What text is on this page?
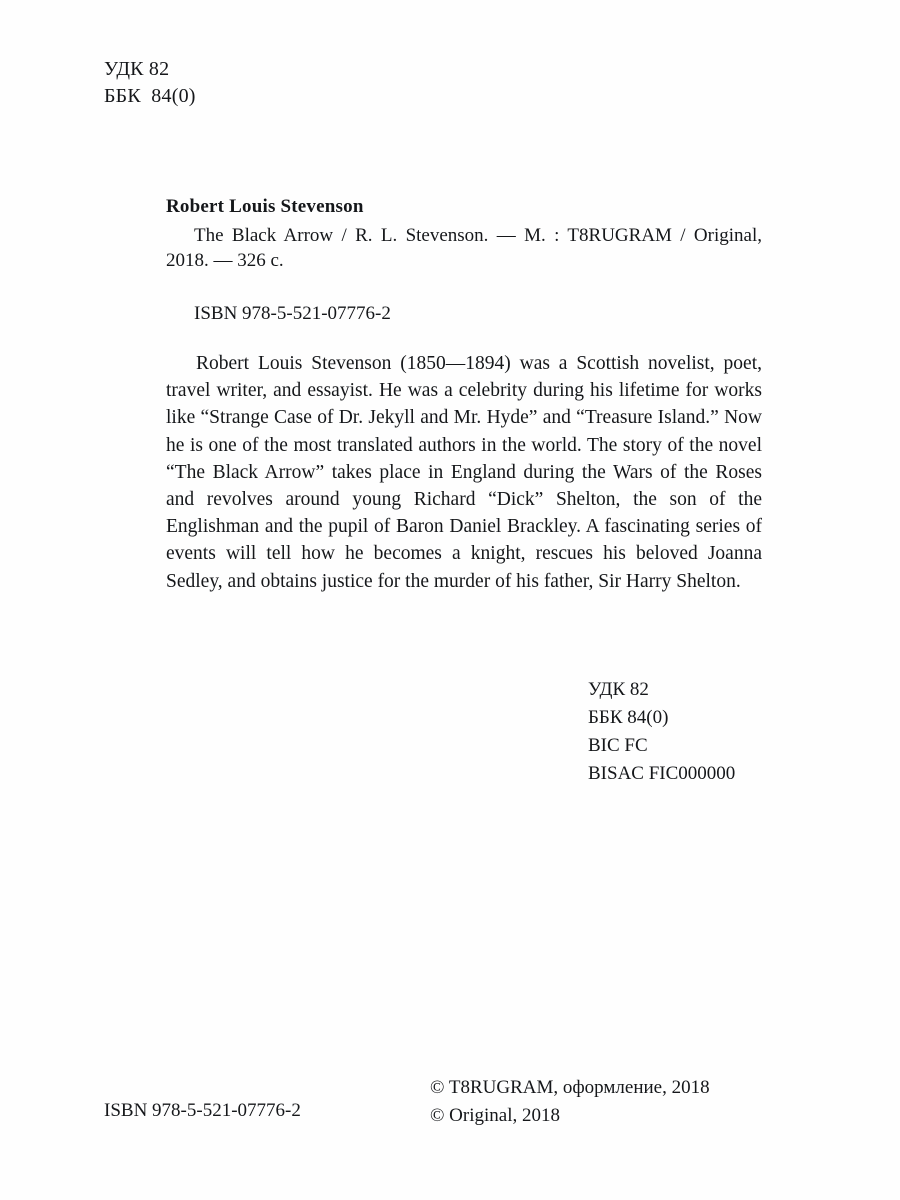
УДК 82
ББК  84(0)

Robert Louis Stevenson

The Black Arrow / R. L. Stevenson. — M. : T8RUGRAM / Original, 2018. — 326 c.

ISBN 978-5-521-07776-2
Robert Louis Stevenson (1850—1894) was a Scottish novelist, poet, travel writer, and essayist. He was a celebrity during his lifetime for works like “Strange Case of Dr. Jekyll and Mr. Hyde” and “Treasure Island.” Now he is one of the most translated authors in the world. The story of the novel “The Black Arrow” takes place in England during the Wars of the Roses and revolves around young Richard “Dick” Shelton, the son of the Englishman and the pupil of Baron Daniel Brackley. A fascinating series of events will tell how he becomes a knight, rescues his beloved Joanna Sedley, and obtains justice for the murder of his father, Sir Harry Shelton.
УДК 82
ББК 84(0)
BIC FC
BISAC FIC000000
ISBN 978-5-521-07776-2
© T8RUGRAM, оформление, 2018
© Original, 2018
